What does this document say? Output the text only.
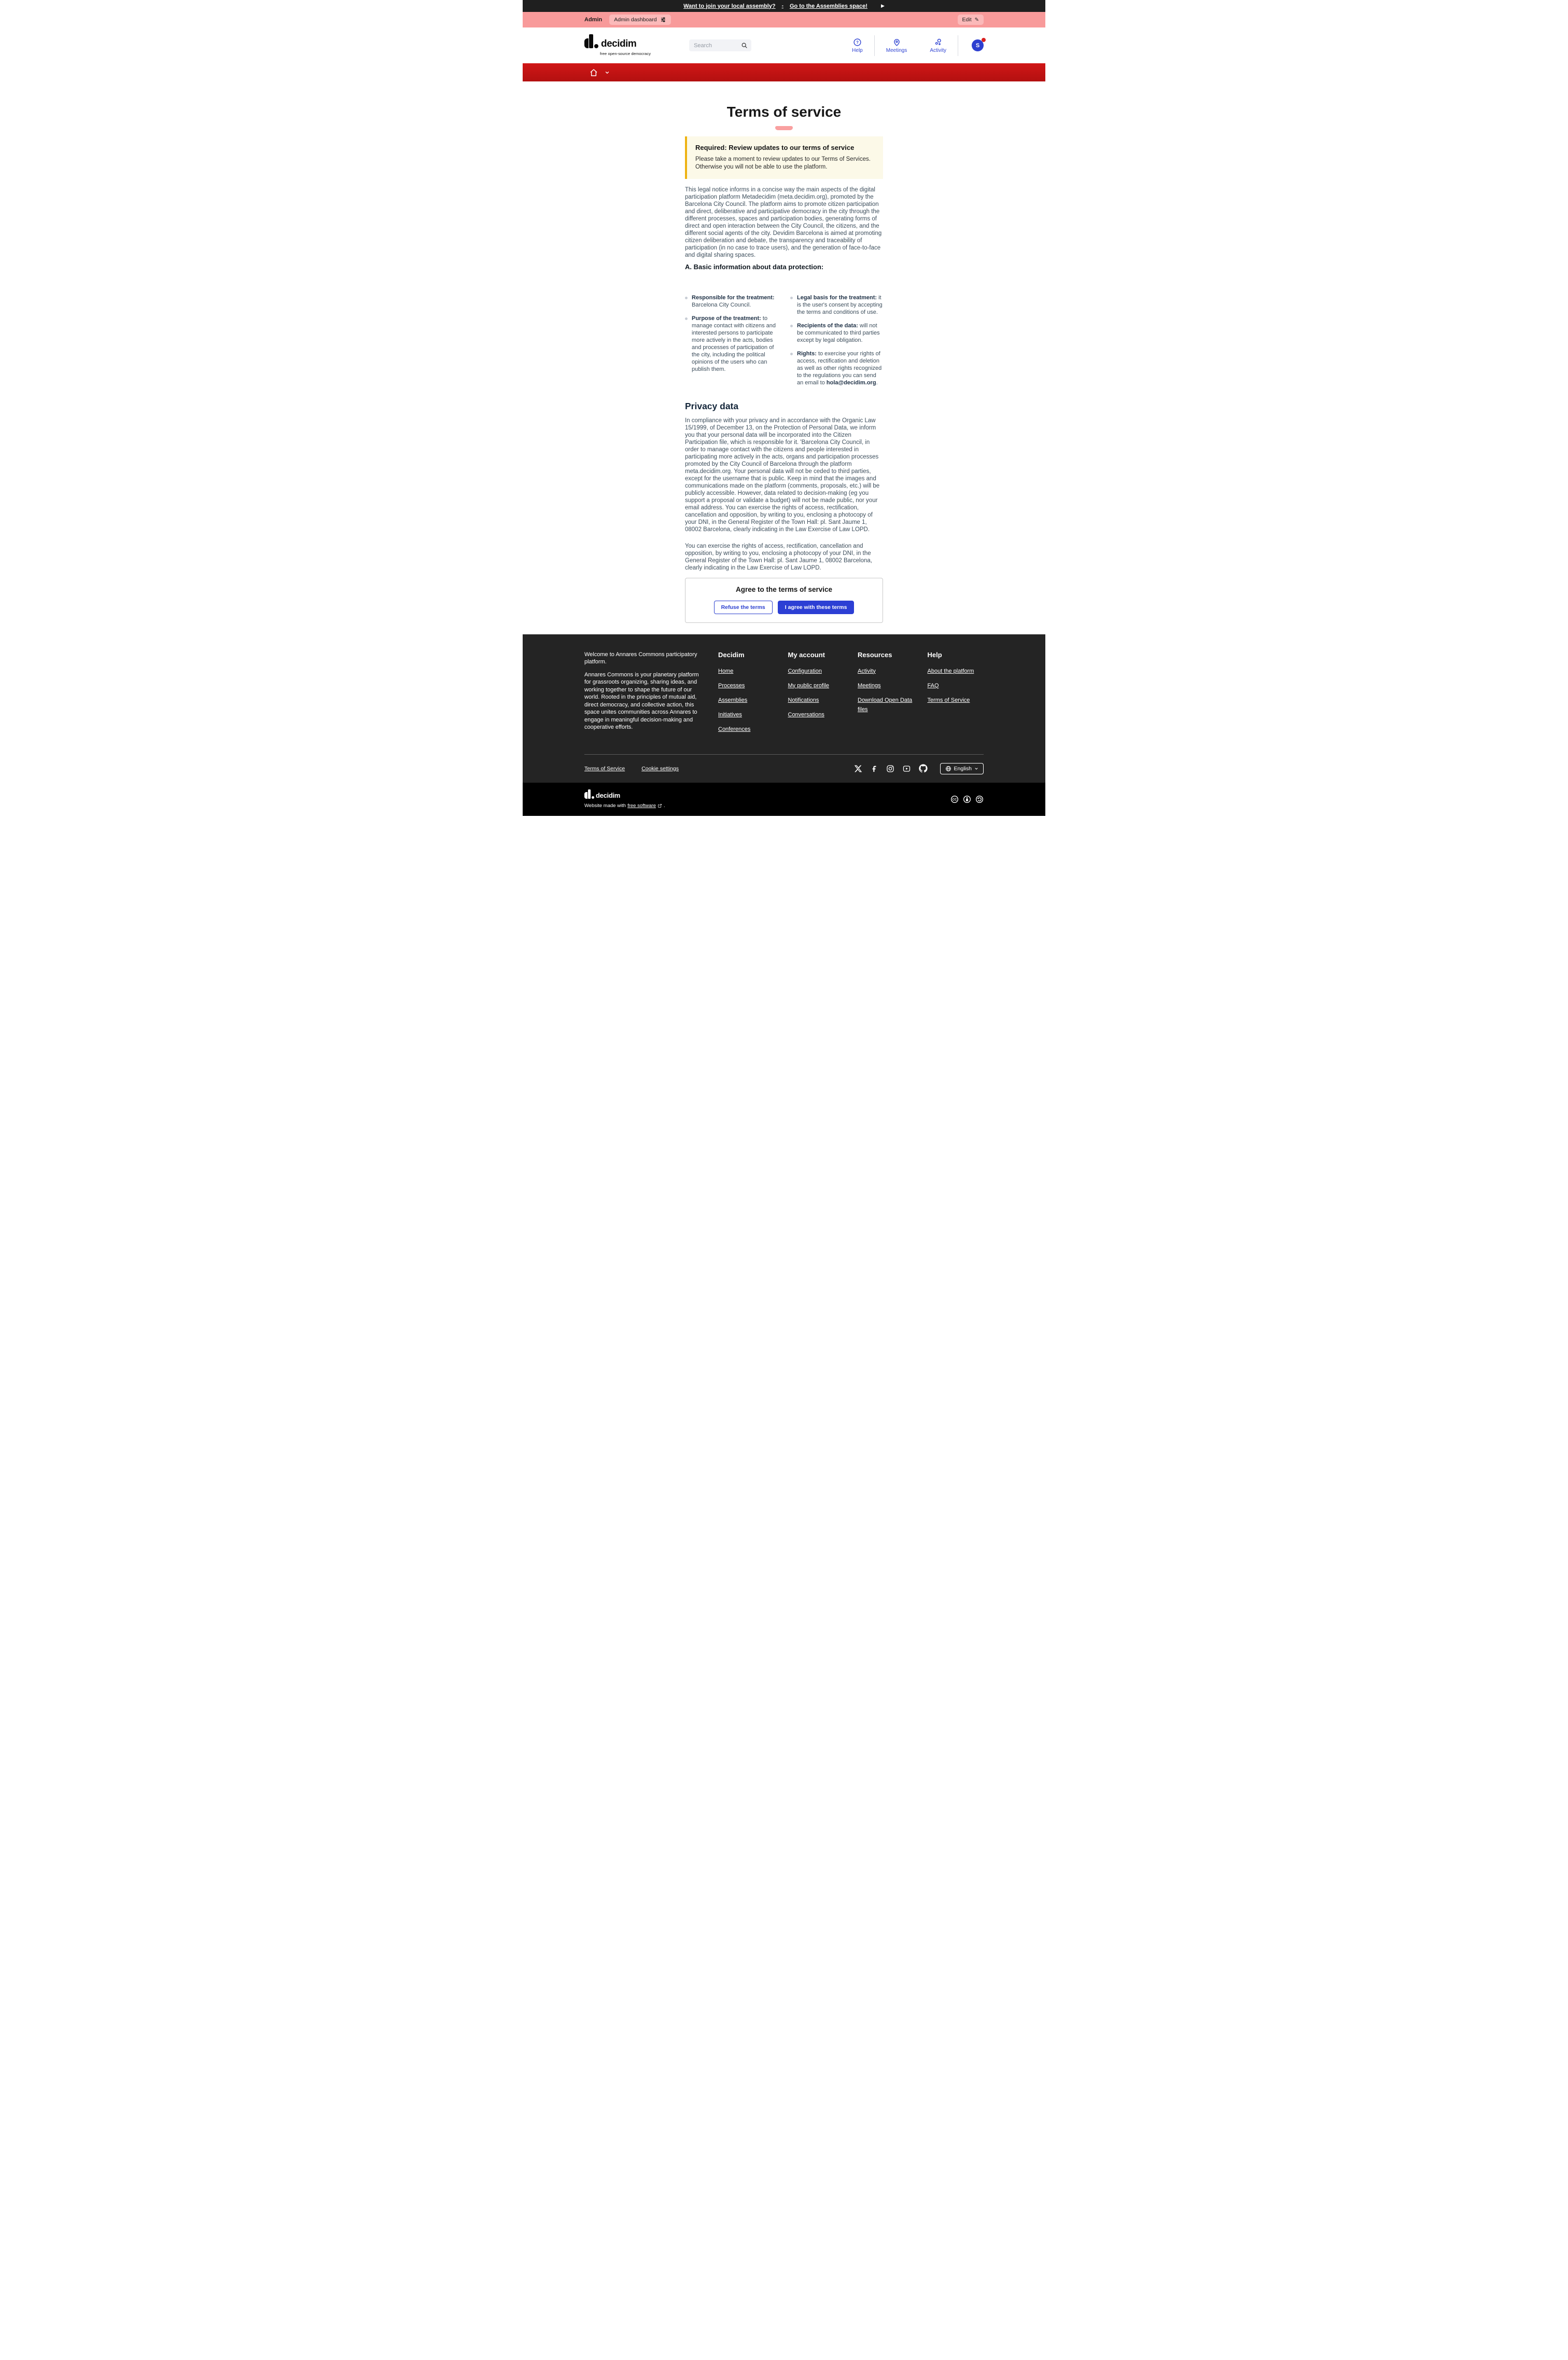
Want to join your local assembly? - Go to the Assemblies space!	▶
Admin Admin dashboard	Edit ✎
decidim
free open-source democracy
Search
?
Help	Meetings	Activity
S
Terms of service
Required: Review updates to our terms of service
Please take a moment to review updates to our Terms of Services. Otherwise you will not be able to use the platform.

This legal notice informs in a concise way the main aspects of the digital participation platform Metadecidim (meta.decidim.org), promoted by the Barcelona City Council. The platform aims to promote citizen participation and direct, deliberative and participative democracy in the city through the different processes, spaces and participation bodies, generating forms of direct and open interaction between the City Council, the citizens, and the different social agents of the city. Devidim Barcelona is aimed at promoting citizen deliberation and debate, the transparency and traceability of participation (in no case to trace users), and the generation of face-to-face and digital sharing spaces.

A. Basic information about data protection:

Responsible for the treatment: Barcelona City Council.

Purpose of the treatment: to manage contact with citizens and interested persons to participate more actively in the acts, bodies and processes of participation of the city, including the political opinions of the users who can publish them.

Legal basis for the treatment: it is the user's consent by accepting the terms and conditions of use.

Recipients of the data: will not be communicated to third parties except by legal obligation.

Rights: to exercise your rights of access, rectification and deletion as well as other rights recognized to the regulations you can send an email to hola@decidim.org.

Privacy data

In compliance with your privacy and in accordance with the Organic Law 15/1999, of December 13, on the Protection of Personal Data, we inform you that your personal data will be incorporated into the Citizen Participation file, which is responsible for it. 'Barcelona City Council, in order to manage contact with the citizens and people interested in participating more actively in the acts, organs and participation processes promoted by the City Council of Barcelona through the platform meta.decidim.org. Your personal data will not be ceded to third parties, except for the username that is public. Keep in mind that the images and communications made on the platform (comments, proposals, etc.) will be publicly accessible. However, data related to decision-making (eg you support a proposal or validate a budget) will not be made public, nor your email address. You can exercise the rights of access, rectification, cancellation and opposition, by writing to you, enclosing a photocopy of your DNI, in the General Register of the Town Hall: pl. Sant Jaume 1, 08002 Barcelona, clearly indicating in the Law Exercise of Law LOPD.

You can exercise the rights of access, rectification, cancellation and opposition, by writing to you, enclosing a photocopy of your DNI, in the General Register of the Town Hall: pl. Sant Jaume 1, 08002 Barcelona, clearly indicating in the Law Exercise of Law LOPD.

Agree to the terms of service
Refuse the terms	I agree with these terms

Welcome to Annares Commons participatory platform.

Annares Commons is your planetary platform for grassroots organizing, sharing ideas, and working together to shape the future of our world. Rooted in the principles of mutual aid, direct democracy, and collective action, this space unites communities across Annares to engage in meaningful decision-making and cooperative efforts.

Decidim
Home
Processes
Assemblies
Initiatives
Conferences
My account
Configuration
My public profile
Notifications
Conversations
Resources
Activity
Meetings
Download Open Data files
Help
About the platform
FAQ
Terms of Service
Terms of Service	Cookie settings	English
decidim
Website made with free software .
CC
